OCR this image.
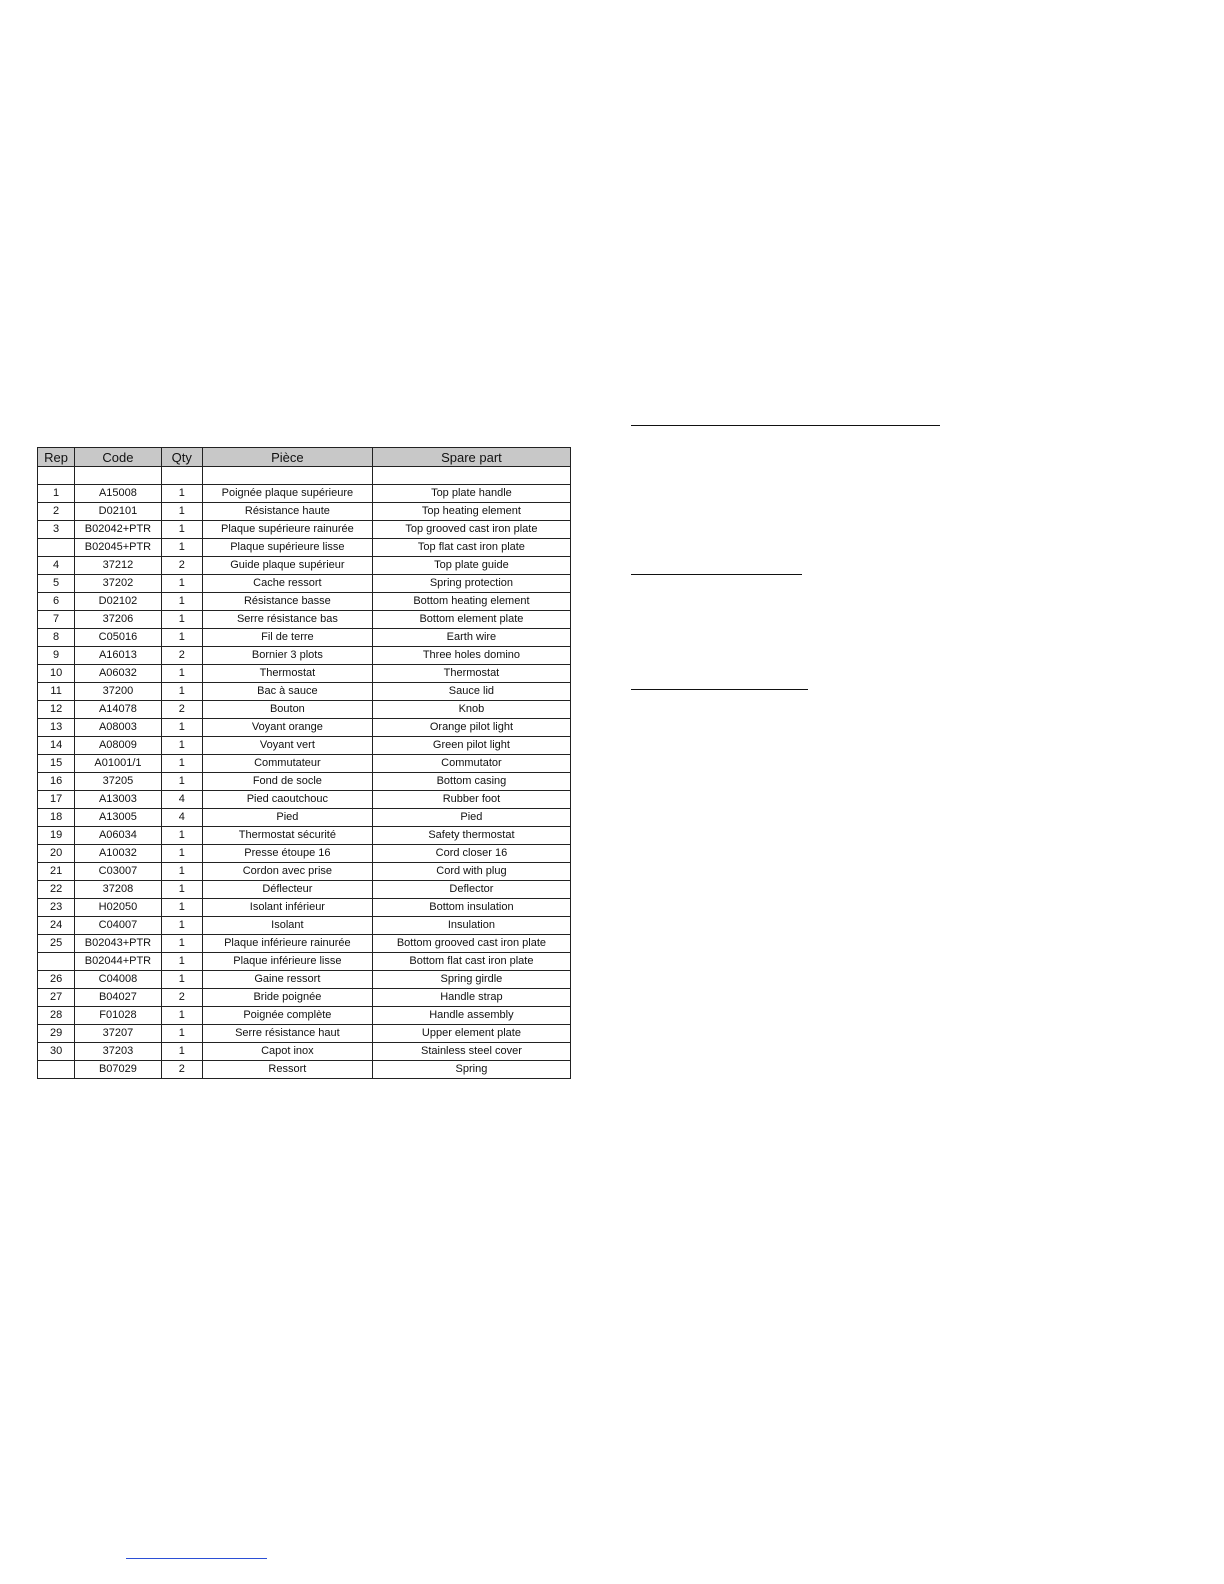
Rep	Code	Qty	Pièce	Spare part

1	A15008	1	Poignée plaque supérieure	Top plate handle
2	D02101	1	Résistance haute	Top heating element
3	B02042+PTR	1	Plaque supérieure rainurée	Top grooved cast iron plate
	B02045+PTR	1	Plaque supérieure lisse	Top flat cast iron plate
4	37212	2	Guide plaque supérieur	Top plate guide
5	37202	1	Cache ressort	Spring protection
6	D02102	1	Résistance basse	Bottom heating element
7	37206	1	Serre résistance bas	Bottom element plate
8	C05016	1	Fil de terre	Earth wire
9	A16013	2	Bornier 3 plots	Three holes domino
10	A06032	1	Thermostat	Thermostat
11	37200	1	Bac à sauce	Sauce lid
12	A14078	2	Bouton	Knob
13	A08003	1	Voyant orange	Orange pilot light
14	A08009	1	Voyant vert	Green pilot light
15	A01001/1	1	Commutateur	Commutator
16	37205	1	Fond de socle	Bottom casing
17	A13003	4	Pied caoutchouc	Rubber foot
18	A13005	4	Pied	Pied
19	A06034	1	Thermostat sécurité	Safety thermostat
20	A10032	1	Presse étoupe 16	Cord closer 16
21	C03007	1	Cordon avec prise	Cord with plug
22	37208	1	Déflecteur	Deflector
23	H02050	1	Isolant inférieur	Bottom insulation
24	C04007	1	Isolant	Insulation
25	B02043+PTR	1	Plaque inférieure rainurée	Bottom grooved cast iron plate
	B02044+PTR	1	Plaque inférieure lisse	Bottom flat cast iron plate
26	C04008	1	Gaine ressort	Spring girdle
27	B04027	2	Bride poignée	Handle strap
28	F01028	1	Poignée complète	Handle assembly
29	37207	1	Serre résistance haut	Upper element plate
30	37203	1	Capot inox	Stainless steel cover
	B07029	2	Ressort	Spring
